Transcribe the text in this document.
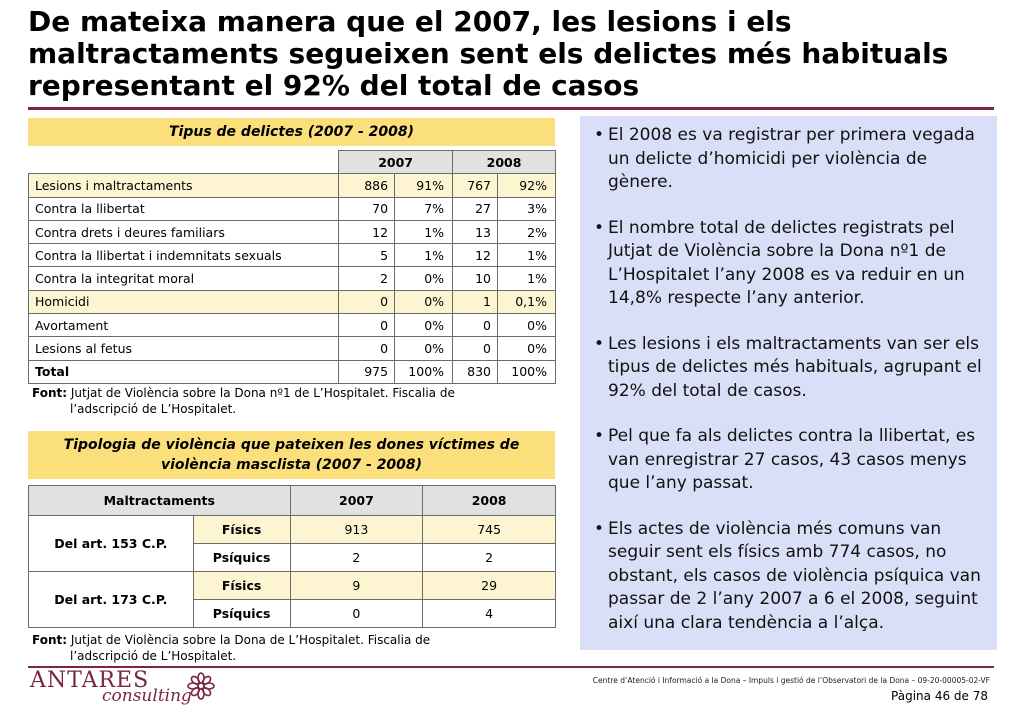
De mateixa manera que el 2007, les lesions i els
maltractaments segueixen sent els delictes més habituals
representant el 92% del total de casos
Tipus de delictes (2007 - 2008)
	2007		2008	
Lesions i maltractaments	886	91%	767	92%
Contra la llibertat	70	7%	27	3%
Contra drets i deures familiars	12	1%	13	2%
Contra la llibertat i indemnitats sexuals	5	1%	12	1%
Contra la integritat moral	2	0%	10	1%
Homicidi	0	0%	1	0,1%
Avortament	0	0%	0	0%
Lesions al fetus	0	0%	0	0%
Total	975	100%	830	100%
Font: Jutjat de Violència sobre la Dona nº1 de L’Hospitalet. Fiscalia de
l’adscripció de L’Hospitalet.
Tipologia de violència que pateixen les dones víctimes de
violència masclista (2007 - 2008)
Maltractaments		2007	2008
Del art. 153 C.P.	Físics	913	745
	Psíquics	2	2
Del art. 173 C.P.	Físics	9	29
	Psíquics	0	4
Font: Jutjat de Violència sobre la Dona de L’Hospitalet. Fiscalia de
l’adscripció de L’Hospitalet.
• El 2008 es va registrar per primera vegada un delicte d’homicidi per violència de gènere.
• El nombre total de delictes registrats pel Jutjat de Violència sobre la Dona nº1 de L’Hospitalet l’any 2008 es va reduir en un 14,8% respecte l’any anterior.
• Les lesions i els maltractaments van ser els tipus de delictes més habituals, agrupant el 92% del total de casos.
• Pel que fa als delictes contra la llibertat, es van enregistrar 27 casos, 43 casos menys que l’any passat.
• Els actes de violència més comuns van seguir sent els físics amb 774 casos, no obstant, els casos de violència psíquica van passar de 2 l’any 2007 a 6 el 2008, seguint així una clara tendència a l’alça.
ANTARES
consulting
Centre d’Atenció i Informació a la Dona – Impuls i gestió de l’Observatori de la Dona – 09-20-00005-02-VF
Pàgina 46 de 78
